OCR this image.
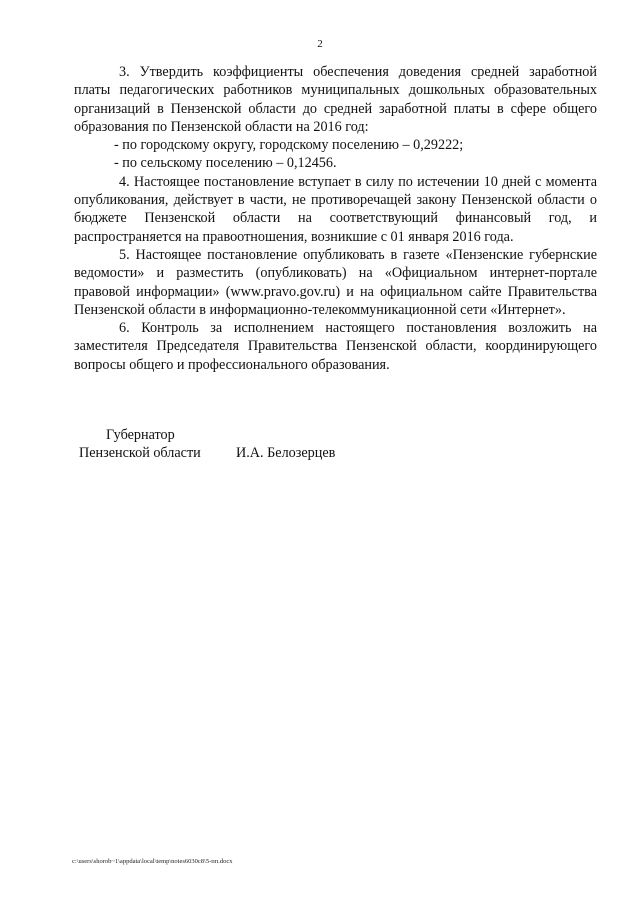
2

3. Утвердить коэффициенты обеспечения доведения средней заработной платы педагогических работников муниципальных дошкольных образовательных организаций в Пензенской области до средней заработной платы в сфере общего образования по Пензенской области на 2016 год:

- по городскому округу, городскому поселению – 0,29222;

- по сельскому поселению – 0,12456.

4. Настоящее постановление вступает в силу по истечении 10 дней с момента опубликования, действует в части, не противоречащей закону Пензенской области о бюджете Пензенской области на соответствующий финансовый год, и распространяется на правоотношения, возникшие с 01 января 2016 года.

5. Настоящее постановление опубликовать в газете «Пензенские губернские ведомости» и разместить (опубликовать) на «Официальном интернет-портале правовой информации» (www.pravo.gov.ru) и на официальном сайте Правительства Пензенской области в информационно-телекоммуникационной сети «Интернет».

6. Контроль за исполнением настоящего постановления возложить на заместителя Председателя Правительства Пензенской области, координирующего вопросы общего и профессионального образования.

Губернатор
Пензенской области	И.А. Белозерцев
c:\users\shorob~1\appdata\local\temp\notes6030c8\5-пп.docx
